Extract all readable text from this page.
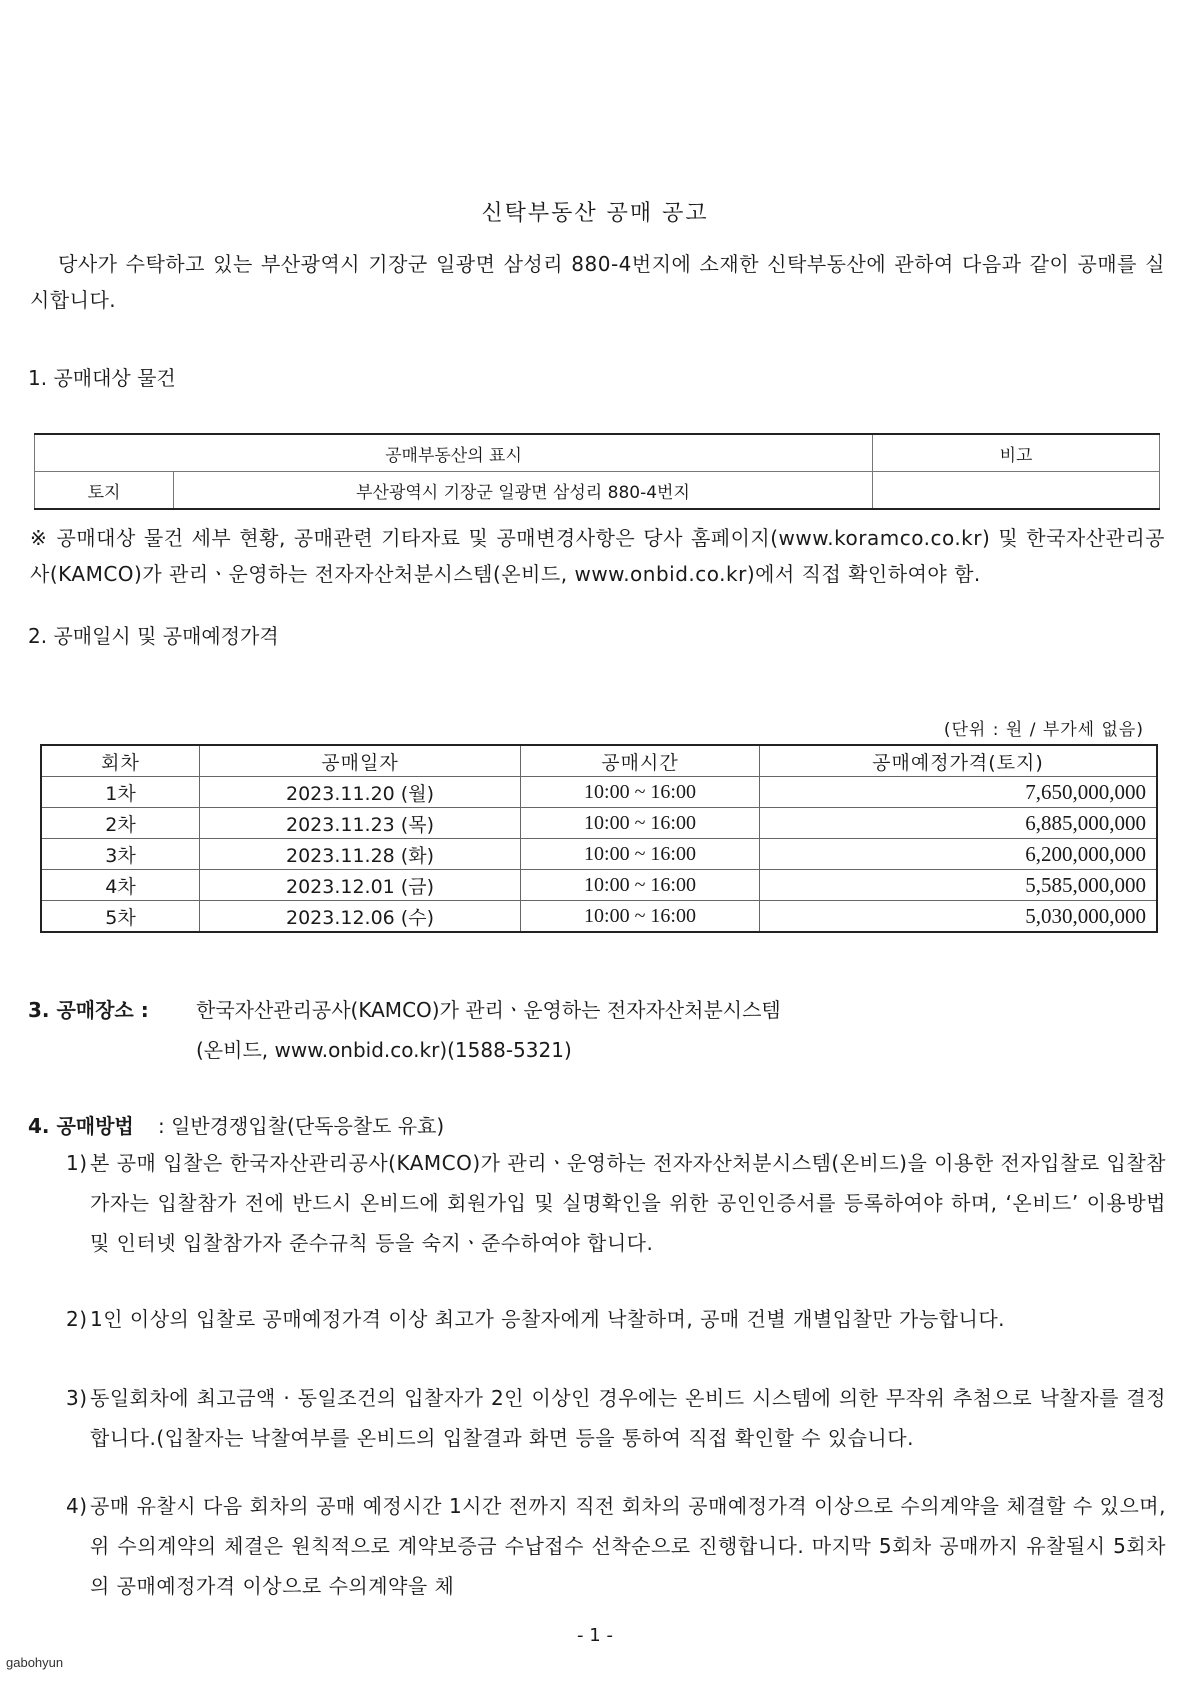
신탁부동산 공매 공고
당사가 수탁하고 있는 부산광역시 기장군 일광면 삼성리 880-4번지에 소재한 신탁부동산에 관하여 다음과 같이 공매를 실시합니다.
1. 공매대상 물건
공매부동산의 표시		비고
토지	부산광역시 기장군 일광면 삼성리 880-4번지	
※ 공매대상 물건 세부 현황, 공매관련 기타자료 및 공매변경사항은 당사 홈페이지(www.koramco.co.kr) 및 한국자산관리공사(KAMCO)가 관리ㆍ운영하는 전자자산처분시스템(온비드, www.onbid.co.kr)에서 직접 확인하여야 함.
2. 공매일시 및 공매예정가격
(단위 : 원 / 부가세 없음)
회차	공매일자	공매시간	공매예정가격(토지)
1차	2023.11.20 (월)	10:00 ~ 16:00	7,650,000,000
2차	2023.11.23 (목)	10:00 ~ 16:00	6,885,000,000
3차	2023.11.28 (화)	10:00 ~ 16:00	6,200,000,000
4차	2023.12.01 (금)	10:00 ~ 16:00	5,585,000,000
5차	2023.12.06 (수)	10:00 ~ 16:00	5,030,000,000
3. 공매장소 : 한국자산관리공사(KAMCO)가 관리ㆍ운영하는 전자자산처분시스템
(온비드, www.onbid.co.kr)(1588-5321)
4. 공매방법 : 일반경쟁입찰(단독응찰도 유효)
1) 본 공매 입찰은 한국자산관리공사(KAMCO)가 관리ㆍ운영하는 전자자산처분시스템(온비드)을 이용한 전자입찰로 입찰참가자는 입찰참가 전에 반드시 온비드에 회원가입 및 실명확인을 위한 공인인증서를 등록하여야 하며, ‘온비드’ 이용방법 및 인터넷 입찰참가자 준수규칙 등을 숙지ㆍ준수하여야 합니다.
2) 1인 이상의 입찰로 공매예정가격 이상 최고가 응찰자에게 낙찰하며, 공매 건별 개별입찰만 가능합니다.
3) 동일회차에 최고금액 · 동일조건의 입찰자가 2인 이상인 경우에는 온비드 시스템에 의한 무작위 추첨으로 낙찰자를 결정합니다.(입찰자는 낙찰여부를 온비드의 입찰결과 화면 등을 통하여 직접 확인할 수 있습니다.
4) 공매 유찰시 다음 회차의 공매 예정시간 1시간 전까지 직전 회차의 공매예정가격 이상으로 수의계약을 체결할 수 있으며, 위 수의계약의 체결은 원칙적으로 계약보증금 수납접수 선착순으로 진행합니다. 마지막 5회차 공매까지 유찰될시 5회차의 공매예정가격 이상으로 수의계약을 체
- 1 -
gabohyun
